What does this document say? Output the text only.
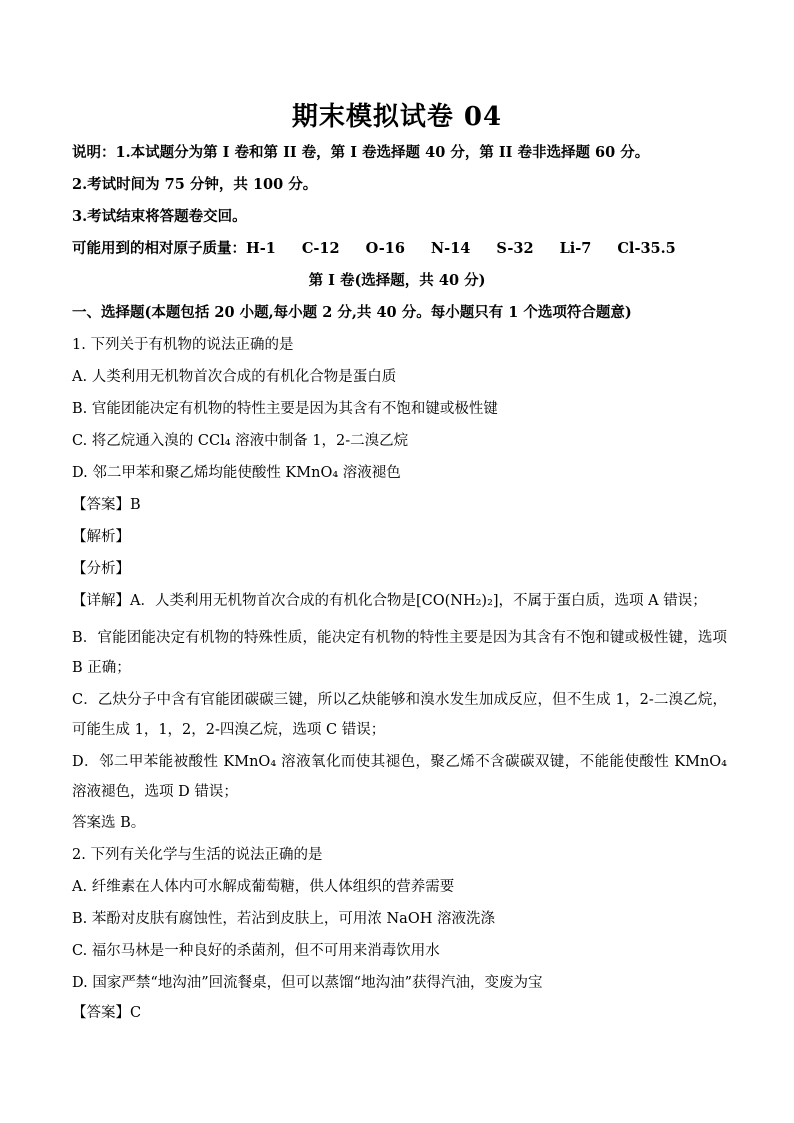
期末模拟试卷 04
说明：1.本试题分为第 I 卷和第 II 卷，第 I 卷选择题 40 分，第 II 卷非选择题 60 分。
2.考试时间为 75 分钟，共 100 分。
3.考试结束将答题卷交回。
可能用到的相对原子质量：H-1 C-12 O-16 N-14 S-32 Li-7 Cl-35.5
第 I 卷(选择题，共 40 分)
一、选择题(本题包括 20 小题,每小题 2 分,共 40 分。每小题只有 1 个选项符合题意)
1. 下列关于有机物的说法正确的是
A. 人类利用无机物首次合成的有机化合物是蛋白质
B. 官能团能决定有机物的特性主要是因为其含有不饱和键或极性键
C. 将乙烷通入溴的 CCl₄ 溶液中制备 1，2-二溴乙烷
D. 邻二甲苯和聚乙烯均能使酸性 KMnO₄ 溶液褪色
【答案】B
【解析】
【分析】
【详解】A．人类利用无机物首次合成的有机化合物是[CO(NH₂)₂]，不属于蛋白质，选项 A 错误；
B．官能团能决定有机物的特殊性质，能决定有机物的特性主要是因为其含有不饱和键或极性键，选项 B 正确；
C．乙炔分子中含有官能团碳碳三键，所以乙炔能够和溴水发生加成反应，但不生成 1，2-二溴乙烷，可能生成 1，1，2，2-四溴乙烷，选项 C 错误；
D．邻二甲苯能被酸性 KMnO₄ 溶液氧化而使其褪色，聚乙烯不含碳碳双键，不能能使酸性 KMnO₄ 溶液褪色，选项 D 错误；
答案选 B。
2. 下列有关化学与生活的说法正确的是
A. 纤维素在人体内可水解成葡萄糖，供人体组织的营养需要
B. 苯酚对皮肤有腐蚀性，若沾到皮肤上，可用浓 NaOH 溶液洗涤
C. 福尔马林是一种良好的杀菌剂，但不可用来消毒饮用水
D. 国家严禁“地沟油”回流餐桌，但可以蒸馏“地沟油”获得汽油，变废为宝
【答案】C
